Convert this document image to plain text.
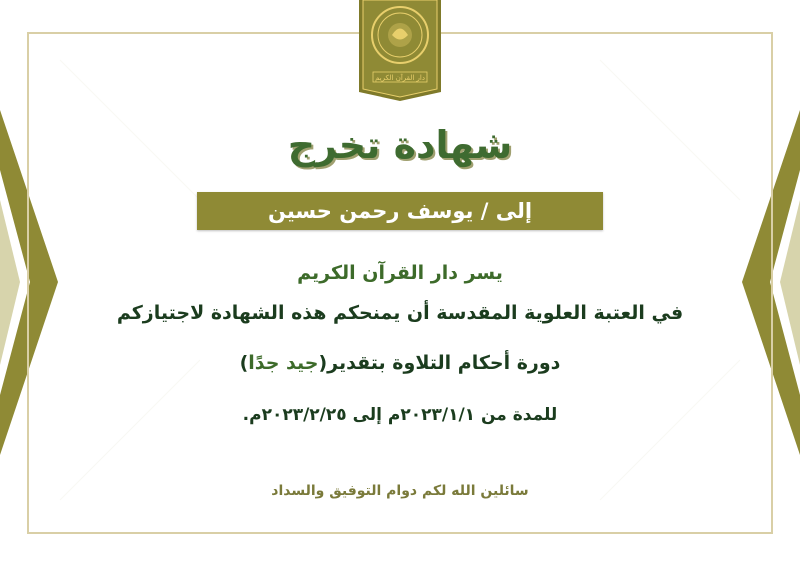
دار القرآن الكريم
شهادة تخرج
إلى / يوسف رحمن حسين
يسر دار القرآن الكريم
في العتبة العلوية المقدسة أن يمنحكم هذه الشهادة لاجتيازكم
دورة أحكام التلاوة بتقدير(جيد جدًا)
للمدة من ٢٠٢٣/١/١م إلى ٢٠٢٣/٢/٢٥م.
سائلين الله لكم دوام التوفيق والسداد
